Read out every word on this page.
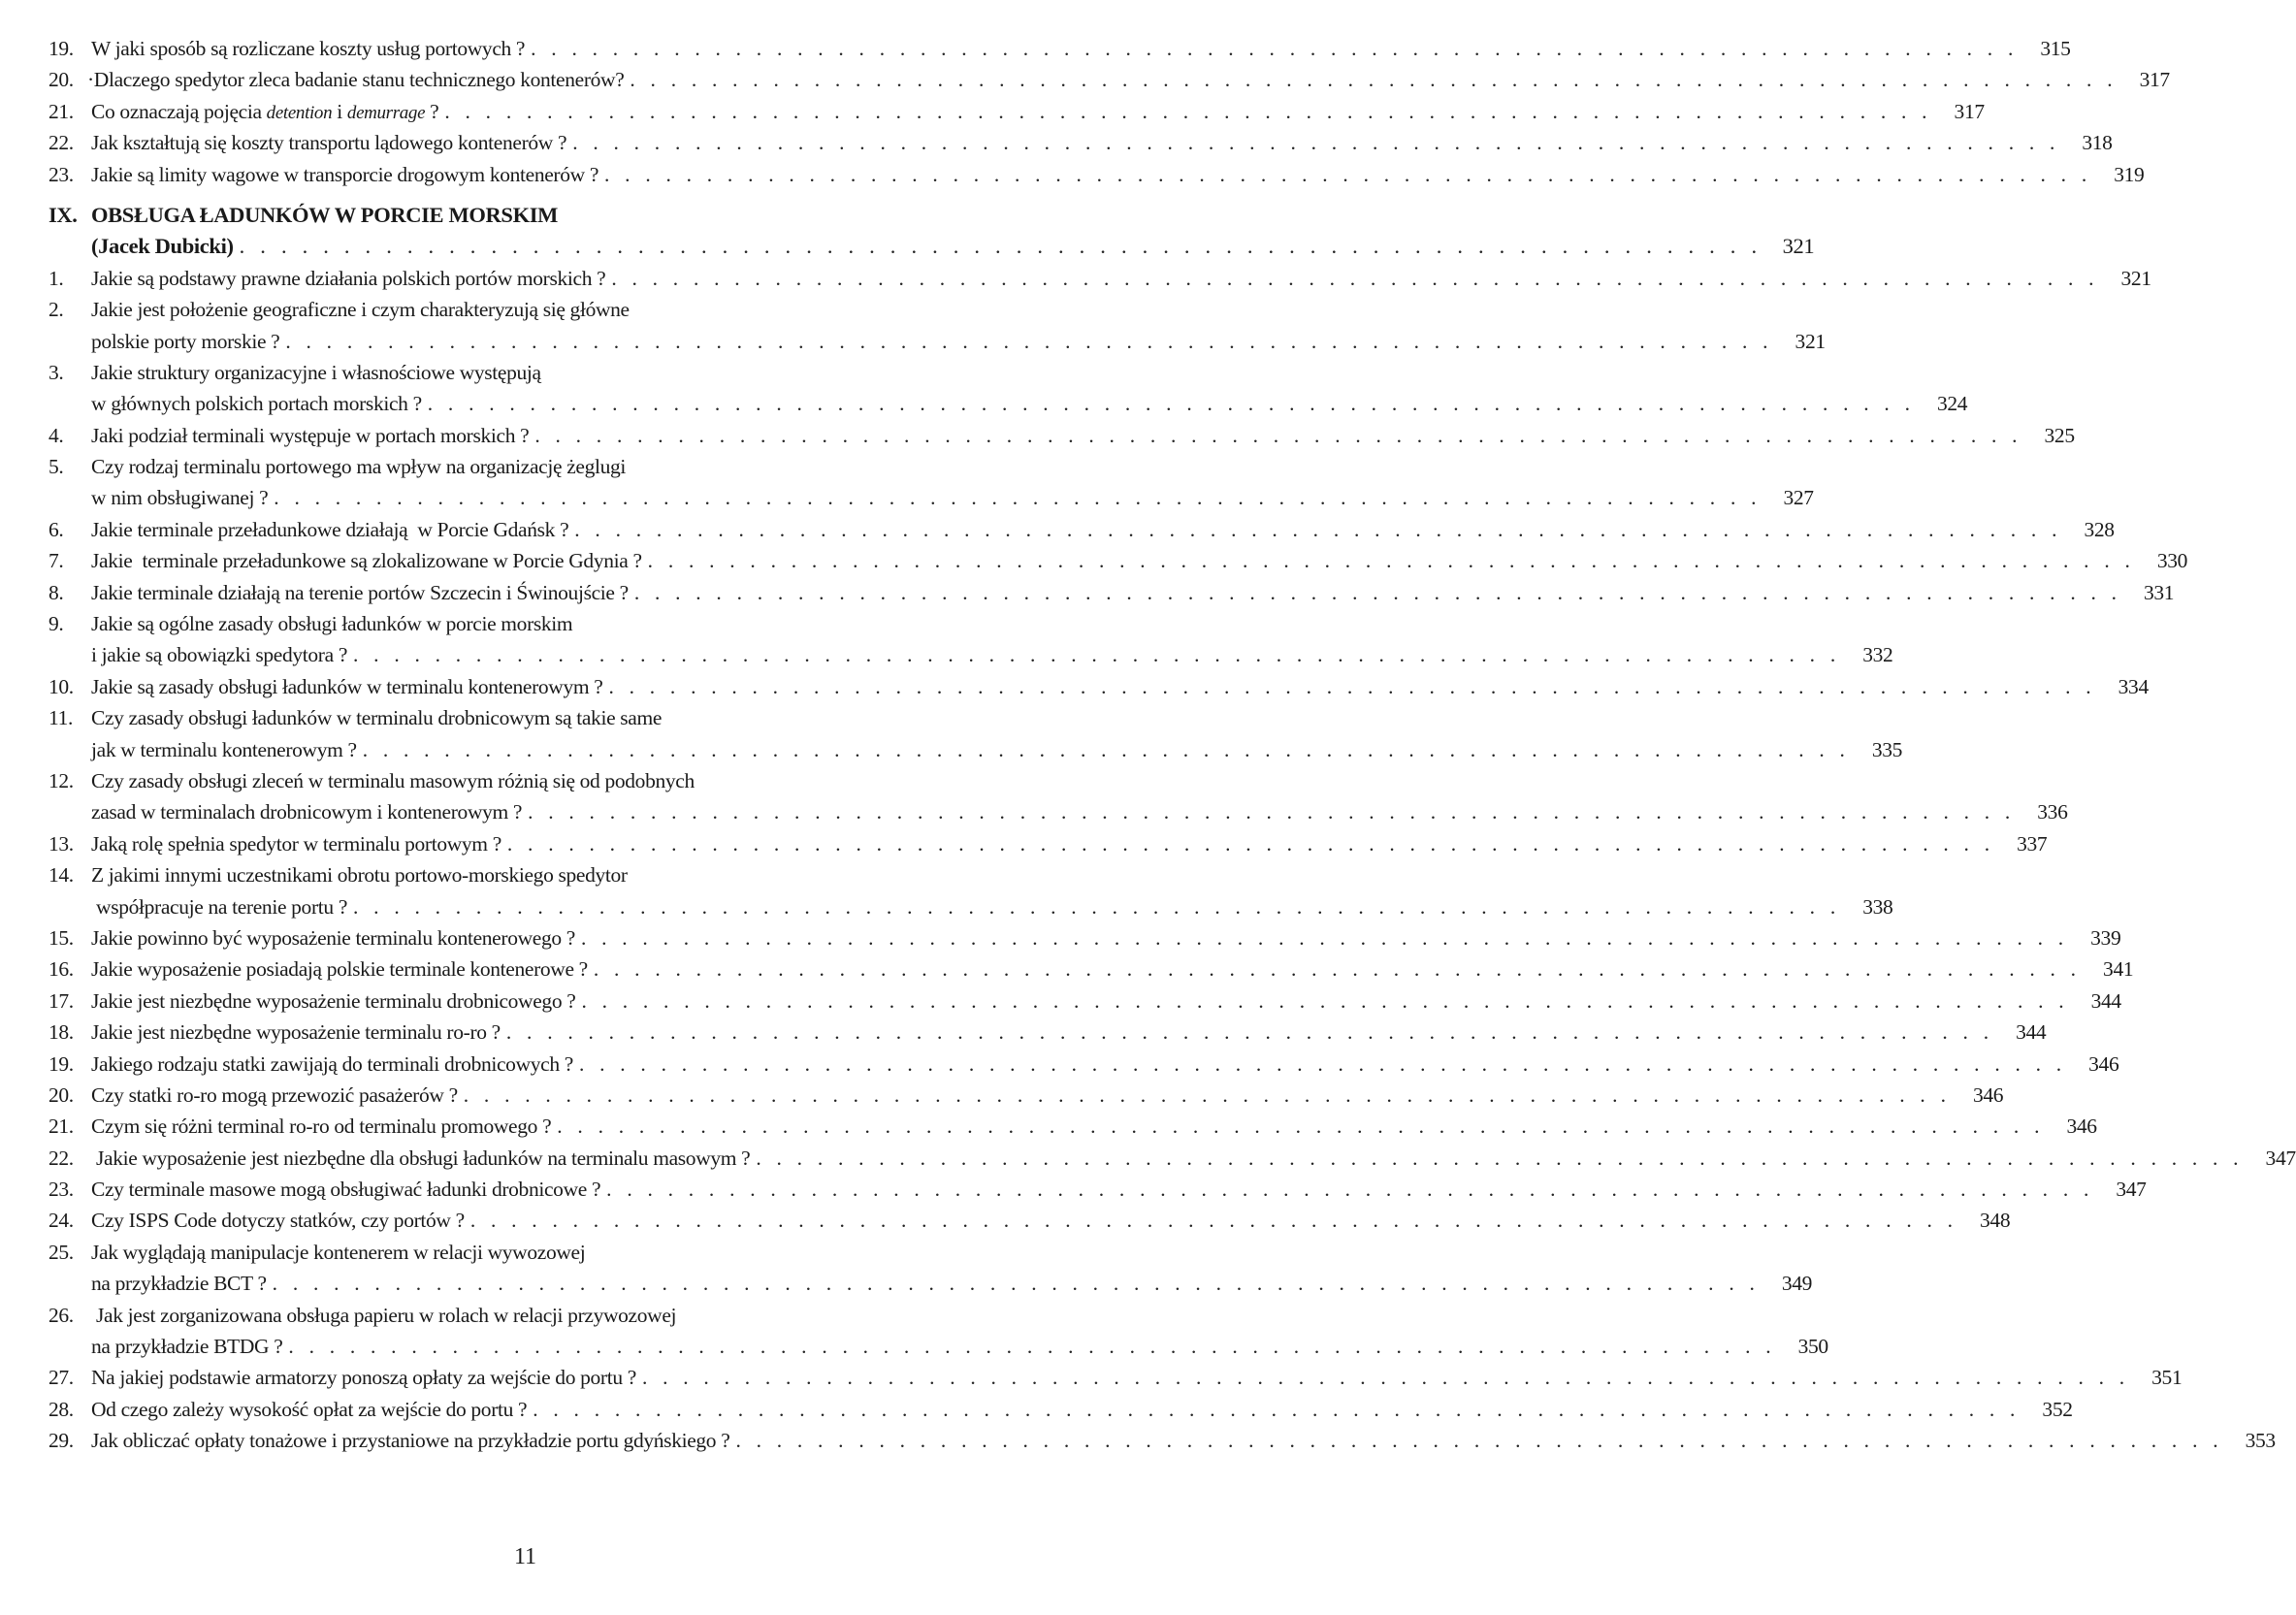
19. W jaki sposób są rozliczane koszty usług portowych ? . . . . . . . . . . . . . . . . . . . . . . . . . . . . . . . . . . . . . . . . . . . . . . . . . . . . . . . . . . . . . . . . . . . . . . . . .	315
20. ·Dlaczego spedytor zleca badanie stanu technicznego kontenerów? . . . . . . . . . . . . . . . . . . . . . . . . . . . . . . . . . . . . . . . . . . . . . . . . . . . . . . . . . . . . . . . . . . . . . . . . .	317
21. Co oznaczają pojęcia detention i demurrage ? . . . . . . . . . . . . . . . . . . . . . . . . . . . . . . . . . . . . . . . . . . . . . . . . . . . . . . . . . . . . . . . . . . . . . . . . .	317
22. Jak kształtują się koszty transportu lądowego kontenerów ? . . . . . . . . . . . . . . . . . . . . . . . . . . . . . . . . . . . . . . . . . . . . . . . . . . . . . . . . . . . . . . . . . . . . . . . . .	318
23. Jakie są limity wagowe w transporcie drogowym kontenerów ? . . . . . . . . . . . . . . . . . . . . . . . . . . . . . . . . . . . . . . . . . . . . . . . . . . . . . . . . . . . . . . . . . . . . . . . . .	319
IX. OBSŁUGA ŁADUNKÓW W PORCIE MORSKIM
(Jacek Dubicki) . . . . . . . . . . . . . . . . . . . . . . . . . . . . . . . . . . . . . . . . . . . . . . . . . . . . . . . . . . . . . . . . . . . . . . . . . 321
1. Jakie są podstawy prawne działania polskich portów morskich ? . . . . . . . . . . . . . . . . . . . . . . . . . . . . . . . . . . . . . . . . . . . . . . . . . . . . . . . . . . . . . . . . . . . . . . . . .	321
2. Jakie jest położenie geograficzne i czym charakteryzują się główne
polskie porty morskie ? . . . . . . . . . . . . . . . . . . . . . . . . . . . . . . . . . . . . . . . . . . . . . . . . . . . . . . . . . . . . . . . . . . . . . . . . .	321
3. Jakie struktury organizacyjne i własnościowe występują
w głównych polskich portach morskich ? . . . . . . . . . . . . . . . . . . . . . . . . . . . . . . . . . . . . . . . . . . . . . . . . . . . . . . . . . . . . . . . . . . . . . . . . .	324
4. Jaki podział terminali występuje w portach morskich ? . . . . . . . . . . . . . . . . . . . . . . . . . . . . . . . . . . . . . . . . . . . . . . . . . . . . . . . . . . . . . . . . . . . . . . . . .	325
5. Czy rodzaj terminalu portowego ma wpływ na organizację żeglugi
w nim obsługiwanej ? . . . . . . . . . . . . . . . . . . . . . . . . . . . . . . . . . . . . . . . . . . . . . . . . . . . . . . . . . . . . . . . . . . . . . . . . .	327
6. Jakie terminale przeładunkowe działają  w Porcie Gdańsk ? . . . . . . . . . . . . . . . . . . . . . . . . . . . . . . . . . . . . . . . . . . . . . . . . . . . . . . . . . . . . . . . . . . . . . . . . .	328
7. Jakie  terminale przeładunkowe są zlokalizowane w Porcie Gdynia ? . . . . . . . . . . . . . . . . . . . . . . . . . . . . . . . . . . . . . . . . . . . . . . . . . . . . . . . . . . . . . . . . . . . . . . . . .	330
8. Jakie terminale działają na terenie portów Szczecin i Świnoujście ? . . . . . . . . . . . . . . . . . . . . . . . . . . . . . . . . . . . . . . . . . . . . . . . . . . . . . . . . . . . . . . . . . . . . . . . . .	331
9. Jakie są ogólne zasady obsługi ładunków w porcie morskim
i jakie są obowiązki spedytora ? . . . . . . . . . . . . . . . . . . . . . . . . . . . . . . . . . . . . . . . . . . . . . . . . . . . . . . . . . . . . . . . . . . . . . . . . .	332
10. Jakie są zasady obsługi ładunków w terminalu kontenerowym ? . . . . . . . . . . . . . . . . . . . . . . . . . . . . . . . . . . . . . . . . . . . . . . . . . . . . . . . . . . . . . . . . . . . . . . . . .	334
11. Czy zasady obsługi ładunków w terminalu drobnicowym są takie same
jak w terminalu kontenerowym ? . . . . . . . . . . . . . . . . . . . . . . . . . . . . . . . . . . . . . . . . . . . . . . . . . . . . . . . . . . . . . . . . . . . . . . . . .	335
12. Czy zasady obsługi zleceń w terminalu masowym różnią się od podobnych
zasad w terminalach drobnicowym i kontenerowym ? . . . . . . . . . . . . . . . . . . . . . . . . . . . . . . . . . . . . . . . . . . . . . . . . . . . . . . . . . . . . . . . . . . . . . . . . .	336
13. Jaką rolę spełnia spedytor w terminalu portowym ? . . . . . . . . . . . . . . . . . . . . . . . . . . . . . . . . . . . . . . . . . . . . . . . . . . . . . . . . . . . . . . . . . . . . . . . . .	337
14. Z jakimi innymi uczestnikami obrotu portowo-morskiego spedytor
współpracuje na terenie portu ? . . . . . . . . . . . . . . . . . . . . . . . . . . . . . . . . . . . . . . . . . . . . . . . . . . . . . . . . . . . . . . . . . . . . . . . . .	338
15. Jakie powinno być wyposażenie terminalu kontenerowego ? . . . . . . . . . . . . . . . . . . . . . . . . . . . . . . . . . . . . . . . . . . . . . . . . . . . . . . . . . . . . . . . . . . . . . . . . .	339
16. Jakie wyposażenie posiadają polskie terminale kontenerowe ? . . . . . . . . . . . . . . . . . . . . . . . . . . . . . . . . . . . . . . . . . . . . . . . . . . . . . . . . . . . . . . . . . . . . . . . . .	341
17. Jakie jest niezbędne wyposażenie terminalu drobnicowego ? . . . . . . . . . . . . . . . . . . . . . . . . . . . . . . . . . . . . . . . . . . . . . . . . . . . . . . . . . . . . . . . . . . . . . . . . .	344
18. Jakie jest niezbędne wyposażenie terminalu ro-ro ? . . . . . . . . . . . . . . . . . . . . . . . . . . . . . . . . . . . . . . . . . . . . . . . . . . . . . . . . . . . . . . . . . . . . . . . . .	344
19. Jakiego rodzaju statki zawijają do terminali drobnicowych ? . . . . . . . . . . . . . . . . . . . . . . . . . . . . . . . . . . . . . . . . . . . . . . . . . . . . . . . . . . . . . . . . . . . . . . . . .	346
20. Czy statki ro-ro mogą przewozić pasażerów ? . . . . . . . . . . . . . . . . . . . . . . . . . . . . . . . . . . . . . . . . . . . . . . . . . . . . . . . . . . . . . . . . . . . . . . . . .	346
21. Czym się różni terminal ro-ro od terminalu promowego ? . . . . . . . . . . . . . . . . . . . . . . . . . . . . . . . . . . . . . . . . . . . . . . . . . . . . . . . . . . . . . . . . . . . . . . . . .	346
22. Jakie wyposażenie jest niezbędne dla obsługi ładunków na terminalu masowym ? . . . . . . . . . . . . . . . . . . . . . . . . . . . . . . . . . . . . . . . . . . . . . . . . . . . . . . . . . . . . . . . . . . . . . . . . .	347
23. Czy terminale masowe mogą obsługiwać ładunki drobnicowe ? . . . . . . . . . . . . . . . . . . . . . . . . . . . . . . . . . . . . . . . . . . . . . . . . . . . . . . . . . . . . . . . . . . . . . . . . .	347
24. Czy ISPS Code dotyczy statków, czy portów ? . . . . . . . . . . . . . . . . . . . . . . . . . . . . . . . . . . . . . . . . . . . . . . . . . . . . . . . . . . . . . . . . . . . . . . . . .	348
25. Jak wyglądają manipulacje kontenerem w relacji wywozowej
na przykładzie BCT ? . . . . . . . . . . . . . . . . . . . . . . . . . . . . . . . . . . . . . . . . . . . . . . . . . . . . . . . . . . . . . . . . . . . . . . . . .	349
26. Jak jest zorganizowana obsługa papieru w rolach w relacji przywozowej
na przykładzie BTDG ? . . . . . . . . . . . . . . . . . . . . . . . . . . . . . . . . . . . . . . . . . . . . . . . . . . . . . . . . . . . . . . . . . . . . . . . . .	350
27. Na jakiej podstawie armatorzy ponoszą opłaty za wejście do portu ? . . . . . . . . . . . . . . . . . . . . . . . . . . . . . . . . . . . . . . . . . . . . . . . . . . . . . . . . . . . . . . . . . . . . . . . . .	351
28. Od czego zależy wysokość opłat za wejście do portu ? . . . . . . . . . . . . . . . . . . . . . . . . . . . . . . . . . . . . . . . . . . . . . . . . . . . . . . . . . . . . . . . . . . . . . . . . .	352
29. Jak obliczać opłaty tonażowe i przystaniowe na przykładzie portu gdyńskiego ? . . . . . . . . . . . . . . . . . . . . . . . . . . . . . . . . . . . . . . . . . . . . . . . . . . . . . . . . . . . . . . . . . . . . . . . . .	353
11
